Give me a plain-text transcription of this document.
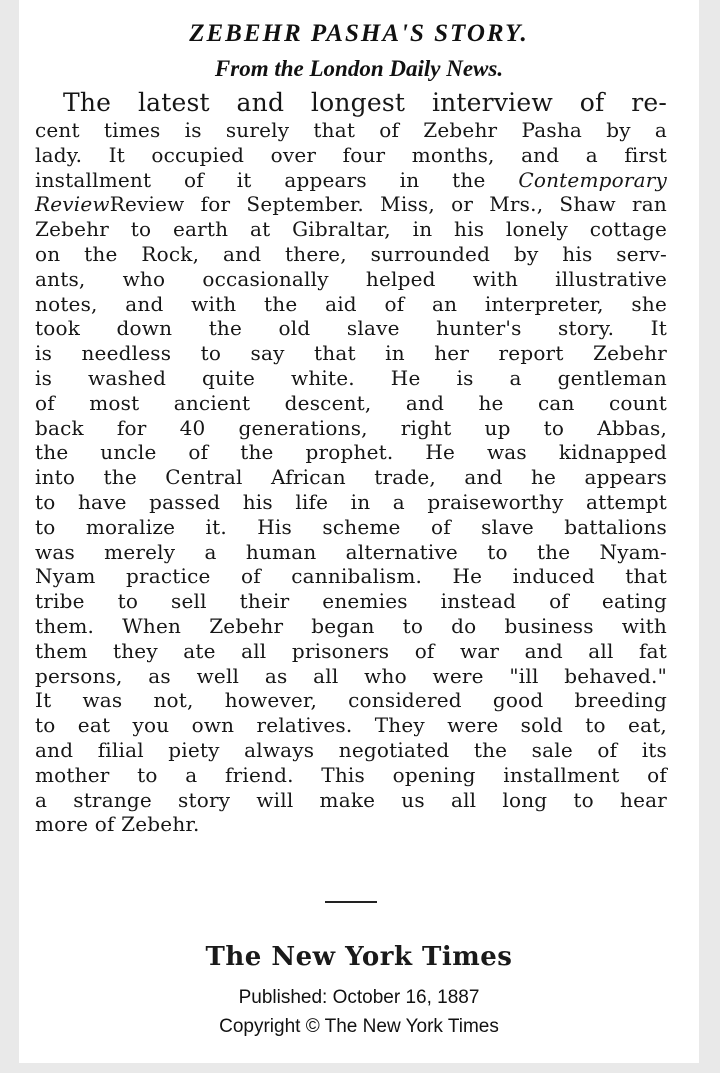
ZEBEHR PASHA'S STORY.
From the London Daily News.
The latest and longest interview of re-
cent times is surely that of Zebehr Pasha by a
lady. It occupied over four months, and a first
installment of it appears in the Contemporary
ReviewReview for September. Miss, or Mrs., Shaw ran
Zebehr to earth at Gibraltar, in his lonely cottage
on the Rock, and there, surrounded by his serv-
ants, who occasionally helped with illustrative
notes, and with the aid of an interpreter, she
took down the old slave hunter's story. It
is needless to say that in her report Zebehr
is washed quite white. He is a gentleman
of most ancient descent, and he can count
back for 40 generations, right up to Abbas,
the uncle of the prophet. He was kidnapped
into the Central African trade, and he appears
to have passed his life in a praiseworthy attempt
to moralize it. His scheme of slave battalions
was merely a human alternative to the Nyam-
Nyam practice of cannibalism. He induced that
tribe to sell their enemies instead of eating
them. When Zebehr began to do business with
them they ate all prisoners of war and all fat
persons, as well as all who were "ill behaved."
It was not, however, considered good breeding
to eat you own relatives. They were sold to eat,
and filial piety always negotiated the sale of its
mother to a friend. This opening installment of
a strange story will make us all long to hear
more of Zebehr.
The New York Times
Published: October 16, 1887
Copyright © The New York Times
